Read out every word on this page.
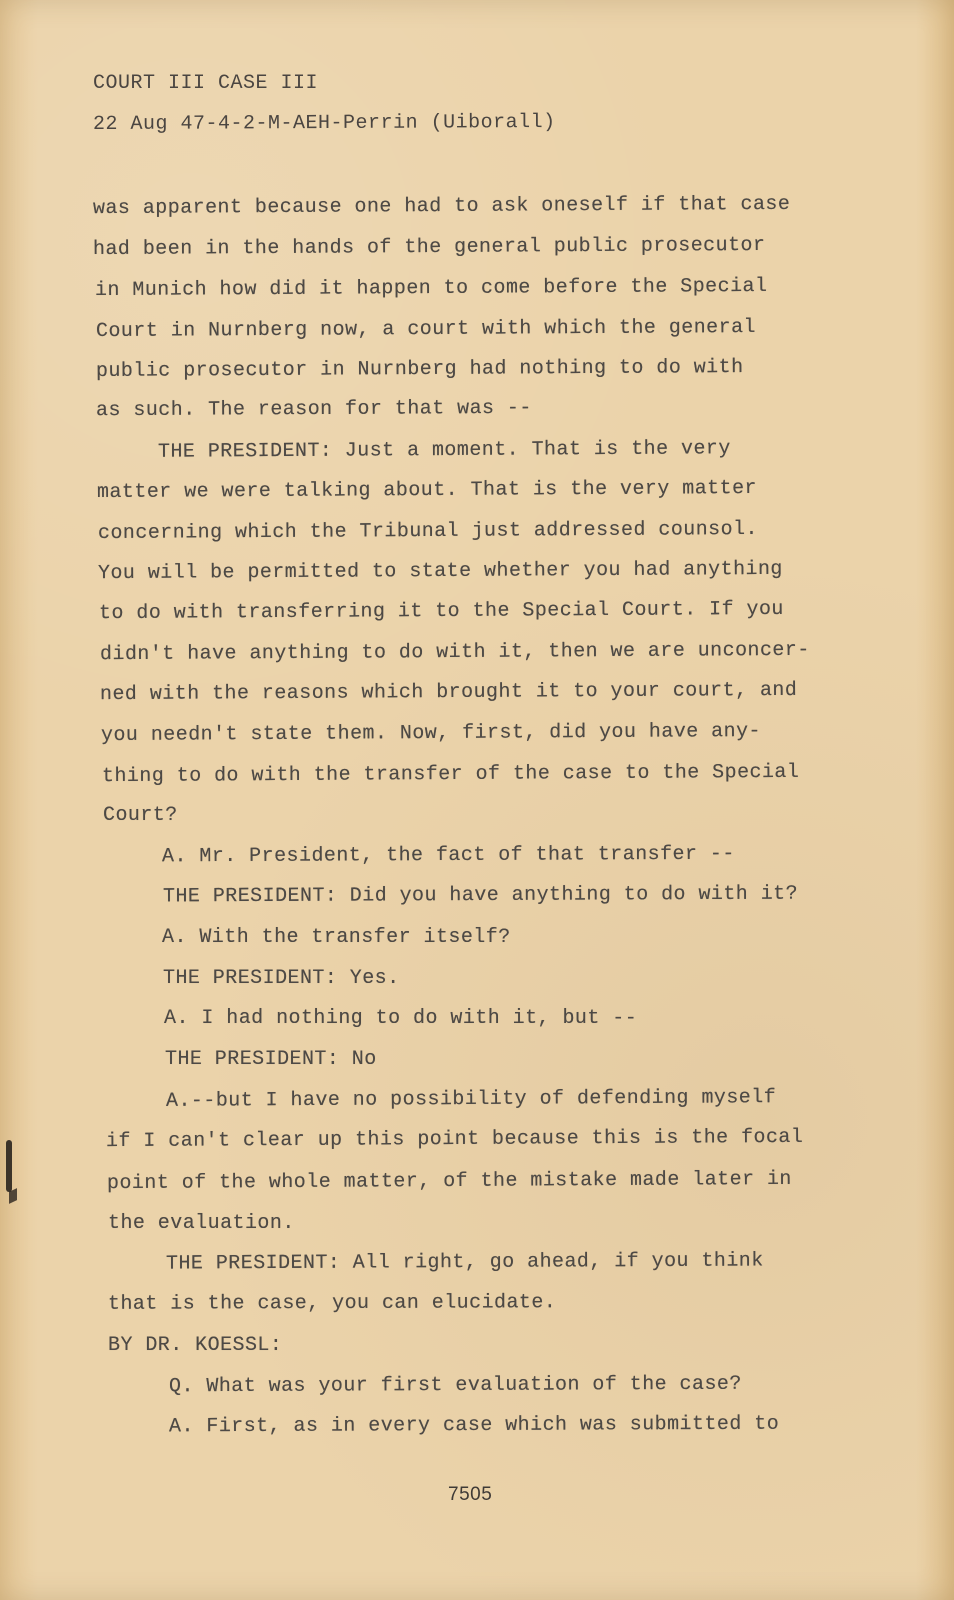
COURT III CASE III
22 Aug 47-4-2-M-AEH-Perrin (Uiborall)
was apparent because one had to ask oneself if that case
had been in the hands of the general public prosecutor
in Munich how did it happen to come before the Special
Court in Nurnberg now, a court with which the general
public prosecutor in Nurnberg had nothing to do with
as such. The reason for that was --
THE PRESIDENT: Just a moment. That is the very
matter we were talking about. That is the very matter
concerning which the Tribunal just addressed counsol.
You will be permitted to state whether you had anything
to do with transferring it to the Special Court. If you
didn't have anything to do with it, then we are unconcer-
ned with the reasons which brought it to your court, and
you needn't state them. Now, first, did you have any-
thing to do with the transfer of the case to the Special
Court?
A. Mr. President, the fact of that transfer --
THE PRESIDENT: Did you have anything to do with it?
A. With the transfer itself?
THE PRESIDENT: Yes.
A. I had nothing to do with it, but --
THE PRESIDENT: No
A.--but I have no possibility of defending myself
if I can't clear up this point because this is the focal
point of the whole matter, of the mistake made later in
the evaluation.
THE PRESIDENT: All right, go ahead, if you think
that is the case, you can elucidate.
BY DR. KOESSL:
Q. What was your first evaluation of the case?
A. First, as in every case which was submitted to
7505
